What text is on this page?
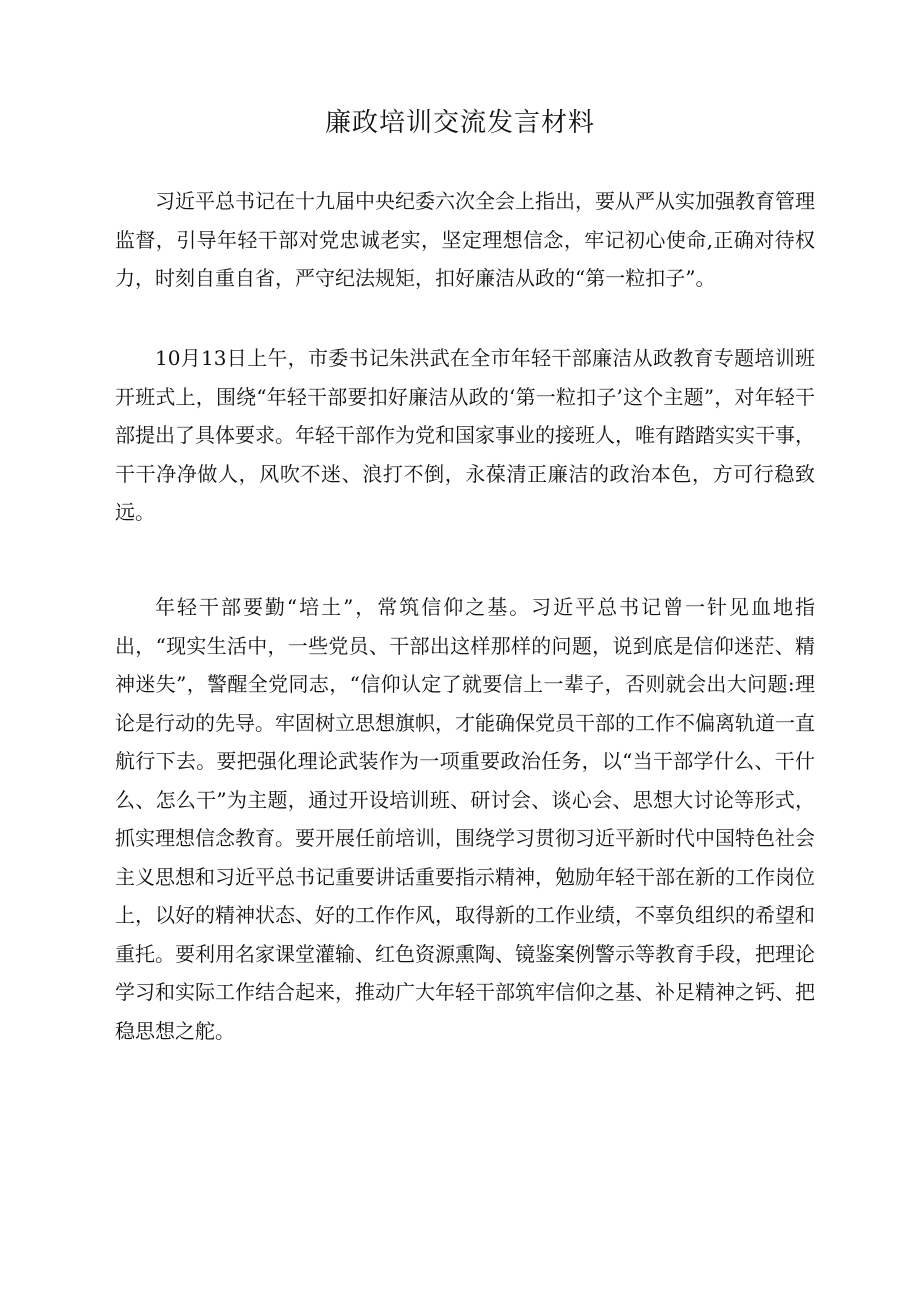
廉政培训交流发言材料

习近平总书记在十九届中央纪委六次全会上指出，要从严从实加强教育管理监督，引导年轻干部对党忠诚老实，坚定理想信念，牢记初心使命,正确对待权力，时刻自重自省，严守纪法规矩，扣好廉洁从政的“第一粒扣子”。

10月13日上午，市委书记朱洪武在全市年轻干部廉洁从政教育专题培训班开班式上，围绕“年轻干部要扣好廉洁从政的‘第一粒扣子’这个主题”，对年轻干部提出了具体要求。年轻干部作为党和国家事业的接班人，唯有踏踏实实干事，干干净净做人，风吹不迷、浪打不倒，永葆清正廉洁的政治本色，方可行稳致远。

年轻干部要勤“培土”，常筑信仰之基。习近平总书记曾一针见血地指出，“现实生活中，一些党员、干部出这样那样的问题，说到底是信仰迷茫、精神迷失”，警醒全党同志，“信仰认定了就要信上一辈子，否则就会出大问题:理论是行动的先导。牢固树立思想旗帜，才能确保党员干部的工作不偏离轨道一直航行下去。要把强化理论武装作为一项重要政治任务，以“当干部学什么、干什么、怎么干”为主题，通过开设培训班、研讨会、谈心会、思想大讨论等形式，抓实理想信念教育。要开展任前培训，围绕学习贯彻习近平新时代中国特色社会主义思想和习近平总书记重要讲话重要指示精神，勉励年轻干部在新的工作岗位上，以好的精神状态、好的工作作风，取得新的工作业绩，不辜负组织的希望和重托。要利用名家课堂灌输、红色资源熏陶、镜鉴案例警示等教育手段，把理论学习和实际工作结合起来，推动广大年轻干部筑牢信仰之基、补足精神之钙、把稳思想之舵。
